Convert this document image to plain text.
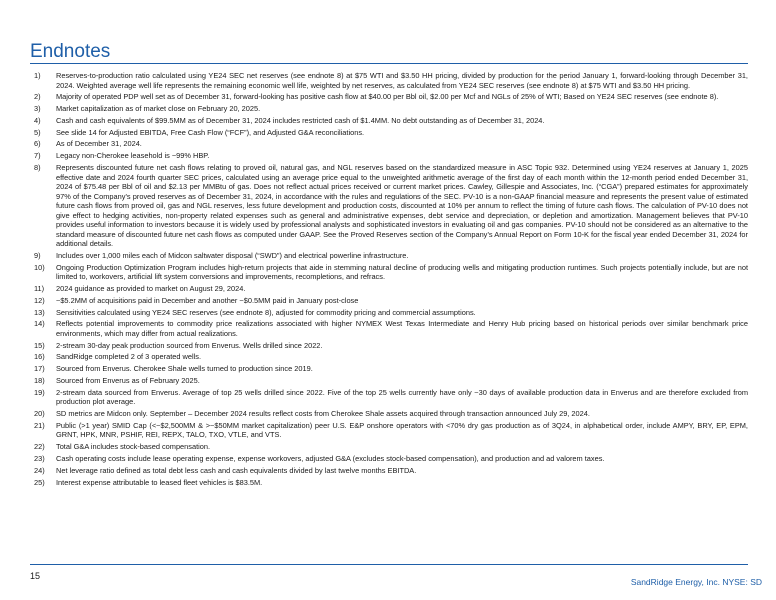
Endnotes
1)	Reserves-to-production ratio calculated using YE24 SEC net reserves (see endnote 8) at $75 WTI and $3.50 HH pricing, divided by production for the period January 1, forward-looking through December 31, 2024. Weighted average well life represents the remaining economic well life, weighted by net reserves, as calculated from YE24 SEC reserves (see endnote 8) at $75 WTI and $3.50 HH pricing.
2)	Majority of operated PDP well set as of December 31, forward-looking has positive cash flow at $40.00 per Bbl oil, $2.00 per Mcf and NGLs of 25% of WTI; Based on YE24 SEC reserves (see endnote 8).
3)	Market capitalization as of market close on February 20, 2025.
4)	Cash and cash equivalents of $99.5MM as of December 31, 2024 includes restricted cash of $1.4MM. No debt outstanding as of December 31, 2024.
5)	See slide 14 for Adjusted EBITDA, Free Cash Flow (“FCF”), and Adjusted G&A reconciliations.
6)	As of December 31, 2024.
7)	Legacy non-Cherokee leasehold is ~99% HBP.
8)	Represents discounted future net cash flows relating to proved oil, natural gas, and NGL reserves based on the standardized measure in ASC Topic 932. Determined using YE24 reserves at January 1, 2025 effective date and 2024 fourth quarter SEC prices, calculated using an average price equal to the unweighted arithmetic average of the first day of each month within the 12-month period ended December 31, 2024 of $75.48 per Bbl of oil and $2.13 per MMBtu of gas. Does not reflect actual prices received or current market prices. Cawley, Gillespie and Associates, Inc. (“CGA”) prepared estimates for approximately 97% of the Company’s proved reserves as of December 31, 2024, in accordance with the rules and regulations of the SEC. PV-10 is a non-GAAP financial measure and represents the present value of estimated future cash flows from proved oil, gas and NGL reserves, less future development and production costs, discounted at 10% per annum to reflect the timing of future cash flows. The calculation of PV-10 does not give effect to hedging activities, non-property related expenses such as general and administrative expenses, debt service and depreciation, or depletion and amortization. Management believes that PV-10 provides useful information to investors because it is widely used by professional analysts and sophisticated investors in evaluating oil and gas companies. PV-10 should not be considered as an alternative to the standard measure of discounted future net cash flows as computed under GAAP. See the Proved Reserves section of the Company’s Annual Report on Form 10-K for the fiscal year ended December 31, 2024 for additional details.
9)	Includes over 1,000 miles each of Midcon saltwater disposal (“SWD”) and electrical powerline infrastructure.
10)	Ongoing Production Optimization Program includes high-return projects that aide in stemming natural decline of producing wells and mitigating production runtimes. Such projects potentially include, but are not limited to, workovers, artificial lift system conversions and improvements, recompletions, and refracs.
11)	2024 guidance as provided to market on August 29, 2024.
12)	~$5.2MM of acquisitions paid in December and another ~$0.5MM paid in January post-close
13)	Sensitivities calculated using YE24 SEC reserves (see endnote 8), adjusted for commodity pricing and commercial assumptions.
14)	Reflects potential improvements to commodity price realizations associated with higher NYMEX West Texas Intermediate and Henry Hub pricing based on historical periods over similar benchmark price environments, which may differ from actual realizations.
15)	2-stream 30-day peak production sourced from Enverus. Wells drilled since 2022.
16)	SandRidge completed 2 of 3 operated wells.
17)	Sourced from Enverus. Cherokee Shale wells turned to production since 2019.
18)	Sourced from Enverus as of February 2025.
19)	2-stream data sourced from Enverus. Average of top 25 wells drilled since 2022. Five of the top 25 wells currently have only ~30 days of available production data in Enverus and are therefore excluded from production plot average.
20)	SD metrics are Midcon only. September – December 2024 results reflect costs from Cherokee Shale assets acquired through transaction announced July 29, 2024.
21)	Public (>1 year) SMID Cap (<~$2,500MM & >~$50MM market capitalization) peer U.S. E&P onshore operators with <70% dry gas production as of 3Q24, in alphabetical order, include AMPY, BRY, EP, EPM, GRNT, HPK, MNR, PSHIF, REI, REPX, TALO, TXO, VTLE, and VTS.
22)	Total G&A includes stock-based compensation.
23)	Cash operating costs include lease operating expense, expense workovers, adjusted G&A (excludes stock-based compensation), and production and ad valorem taxes.
24)	Net leverage ratio defined as total debt less cash and cash equivalents divided by last twelve months EBITDA.
25)	Interest expense attributable to leased fleet vehicles is $83.5M.
15
SandRidge Energy, Inc. NYSE: SD
